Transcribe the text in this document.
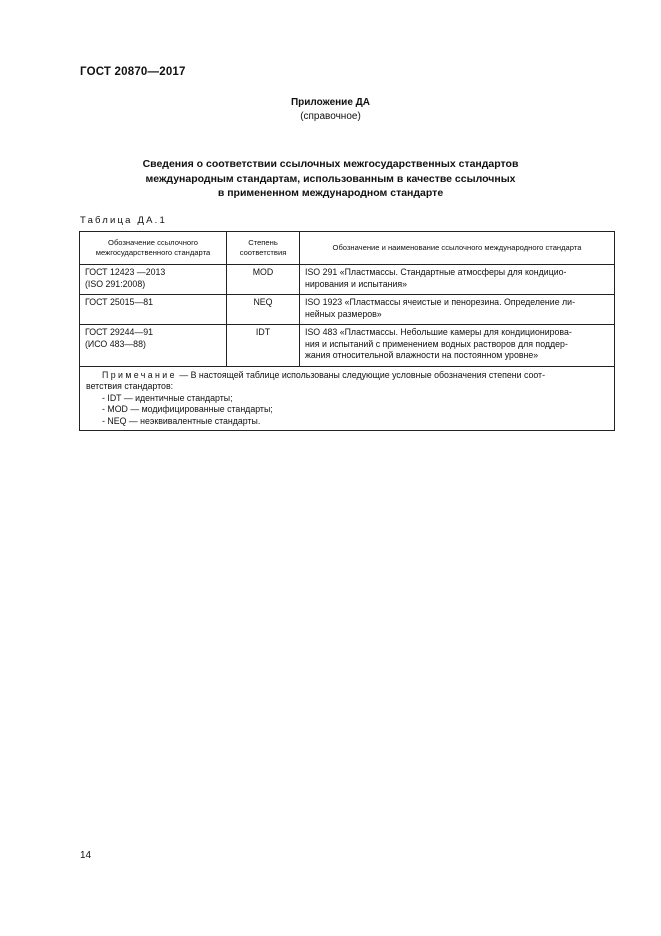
ГОСТ 20870—2017
Приложение ДА
(справочное)
Сведения о соответствии ссылочных межгосударственных стандартов
международным стандартам, использованным в качестве ссылочных
в примененном международном стандарте
Таблица ДА.1
Обозначение ссылочного
межгосударственного стандарта	Степень
соответствия	Обозначение и наименование ссылочного международного стандарта

ГОСТ 12423 —2013
(ISO 291:2008)	MOD	ISO 291 «Пластмассы. Стандартные атмосферы для кондицио-
нирования и испытания»

ГОСТ 25015—81	NEQ	ISO 1923 «Пластмассы ячеистые и пенорезина. Определение ли-
нейных размеров»

ГОСТ 29244—91
(ИСО 483—88)	IDT	ISO 483 «Пластмассы. Небольшие камеры для кондиционирова-
ния и испытаний с применением водных растворов для поддер-
жания относительной влажности на постоянном уровне»

Примечание — В настоящей таблице использованы следующие условные обозначения степени соот-
ветствия стандартов:
- IDT — идентичные стандарты;
- MOD — модифицированные стандарты;
- NEQ — неэквивалентные стандарты.		
14
